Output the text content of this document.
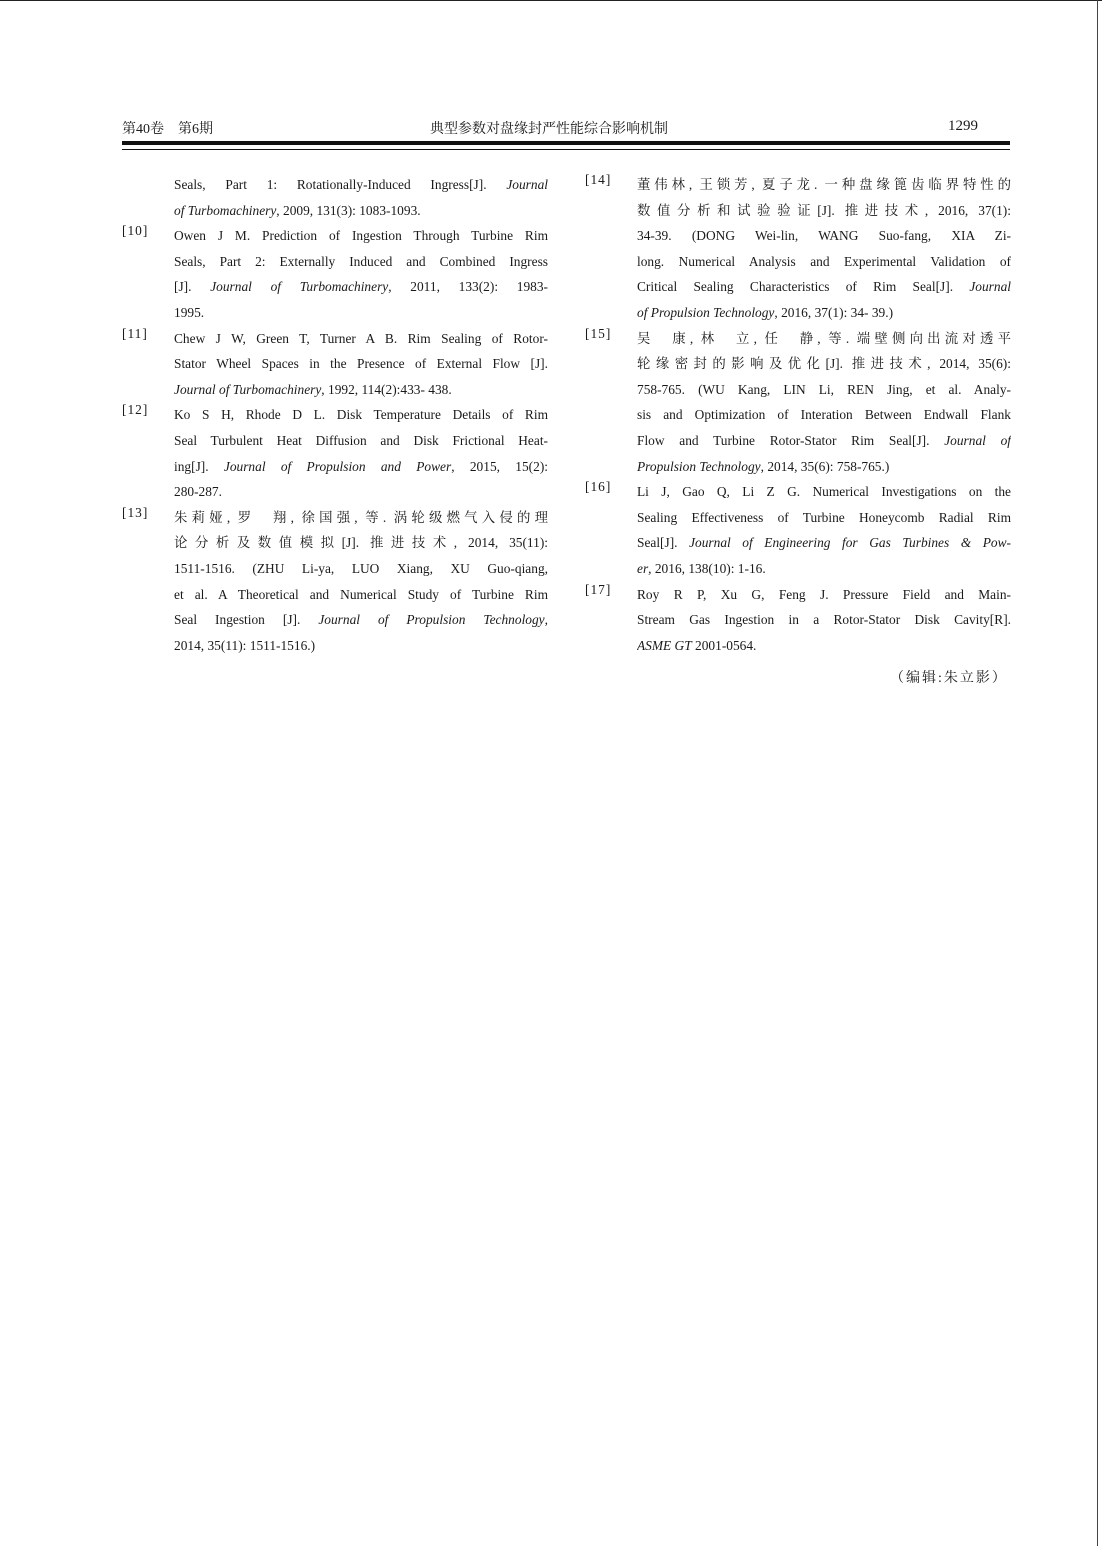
第40卷　第6期	典型参数对盘缘封严性能综合影响机制	1299
Seals, Part 1: Rotationally-Induced Ingress[J]. Journal
of Turbomachinery, 2009, 131(3): 1083-1093.
[10]	Owen J M. Prediction of Ingestion Through Turbine Rim
Seals, Part 2: Externally Induced and Combined Ingress
[J]. Journal of Turbomachinery, 2011, 133(2): 1983-
1995.
[11]	Chew J W, Green T, Turner A B. Rim Sealing of Rotor-
Stator Wheel Spaces in the Presence of External Flow [J].
Journal of Turbomachinery, 1992, 114(2):433- 438.
[12]	Ko S H, Rhode D L. Disk Temperature Details of Rim
Seal Turbulent Heat Diffusion and Disk Frictional Heat-
ing[J]. Journal of Propulsion and Power, 2015, 15(2):
280-287.
[13]	朱莉娅, 罗　翔, 徐国强, 等. 涡轮级燃气入侵的理
论分析及数值模拟[J]. 推进技术, 2014, 35(11):
1511-1516. (ZHU Li-ya, LUO Xiang, XU Guo-qiang,
et al. A Theoretical and Numerical Study of Turbine Rim
Seal Ingestion [J]. Journal of Propulsion Technology,
2014, 35(11): 1511-1516.)
[14]	董伟林, 王锁芳, 夏子龙. 一种盘缘篦齿临界特性的
数值分析和试验验证[J]. 推进技术, 2016, 37(1):
34-39. (DONG Wei-lin, WANG Suo-fang, XIA Zi-
long. Numerical Analysis and Experimental Validation of
Critical Sealing Characteristics of Rim Seal[J]. Journal
of Propulsion Technology, 2016, 37(1): 34- 39.)
[15]	吴　康, 林　立, 任　静, 等. 端壁侧向出流对透平
轮缘密封的影响及优化[J]. 推进技术, 2014, 35(6):
758-765. (WU Kang, LIN Li, REN Jing, et al. Analy-
sis and Optimization of Interation Between Endwall Flank
Flow and Turbine Rotor-Stator Rim Seal[J]. Journal of
Propulsion Technology, 2014, 35(6): 758-765.)
[16]	Li J, Gao Q, Li Z G. Numerical Investigations on the
Sealing Effectiveness of Turbine Honeycomb Radial Rim
Seal[J]. Journal of Engineering for Gas Turbines & Pow-
er, 2016, 138(10): 1-16.
[17]	Roy R P, Xu G, Feng J. Pressure Field and Main-
Stream Gas Ingestion in a Rotor-Stator Disk Cavity[R].
ASME GT 2001-0564.
（编辑:朱立影）
